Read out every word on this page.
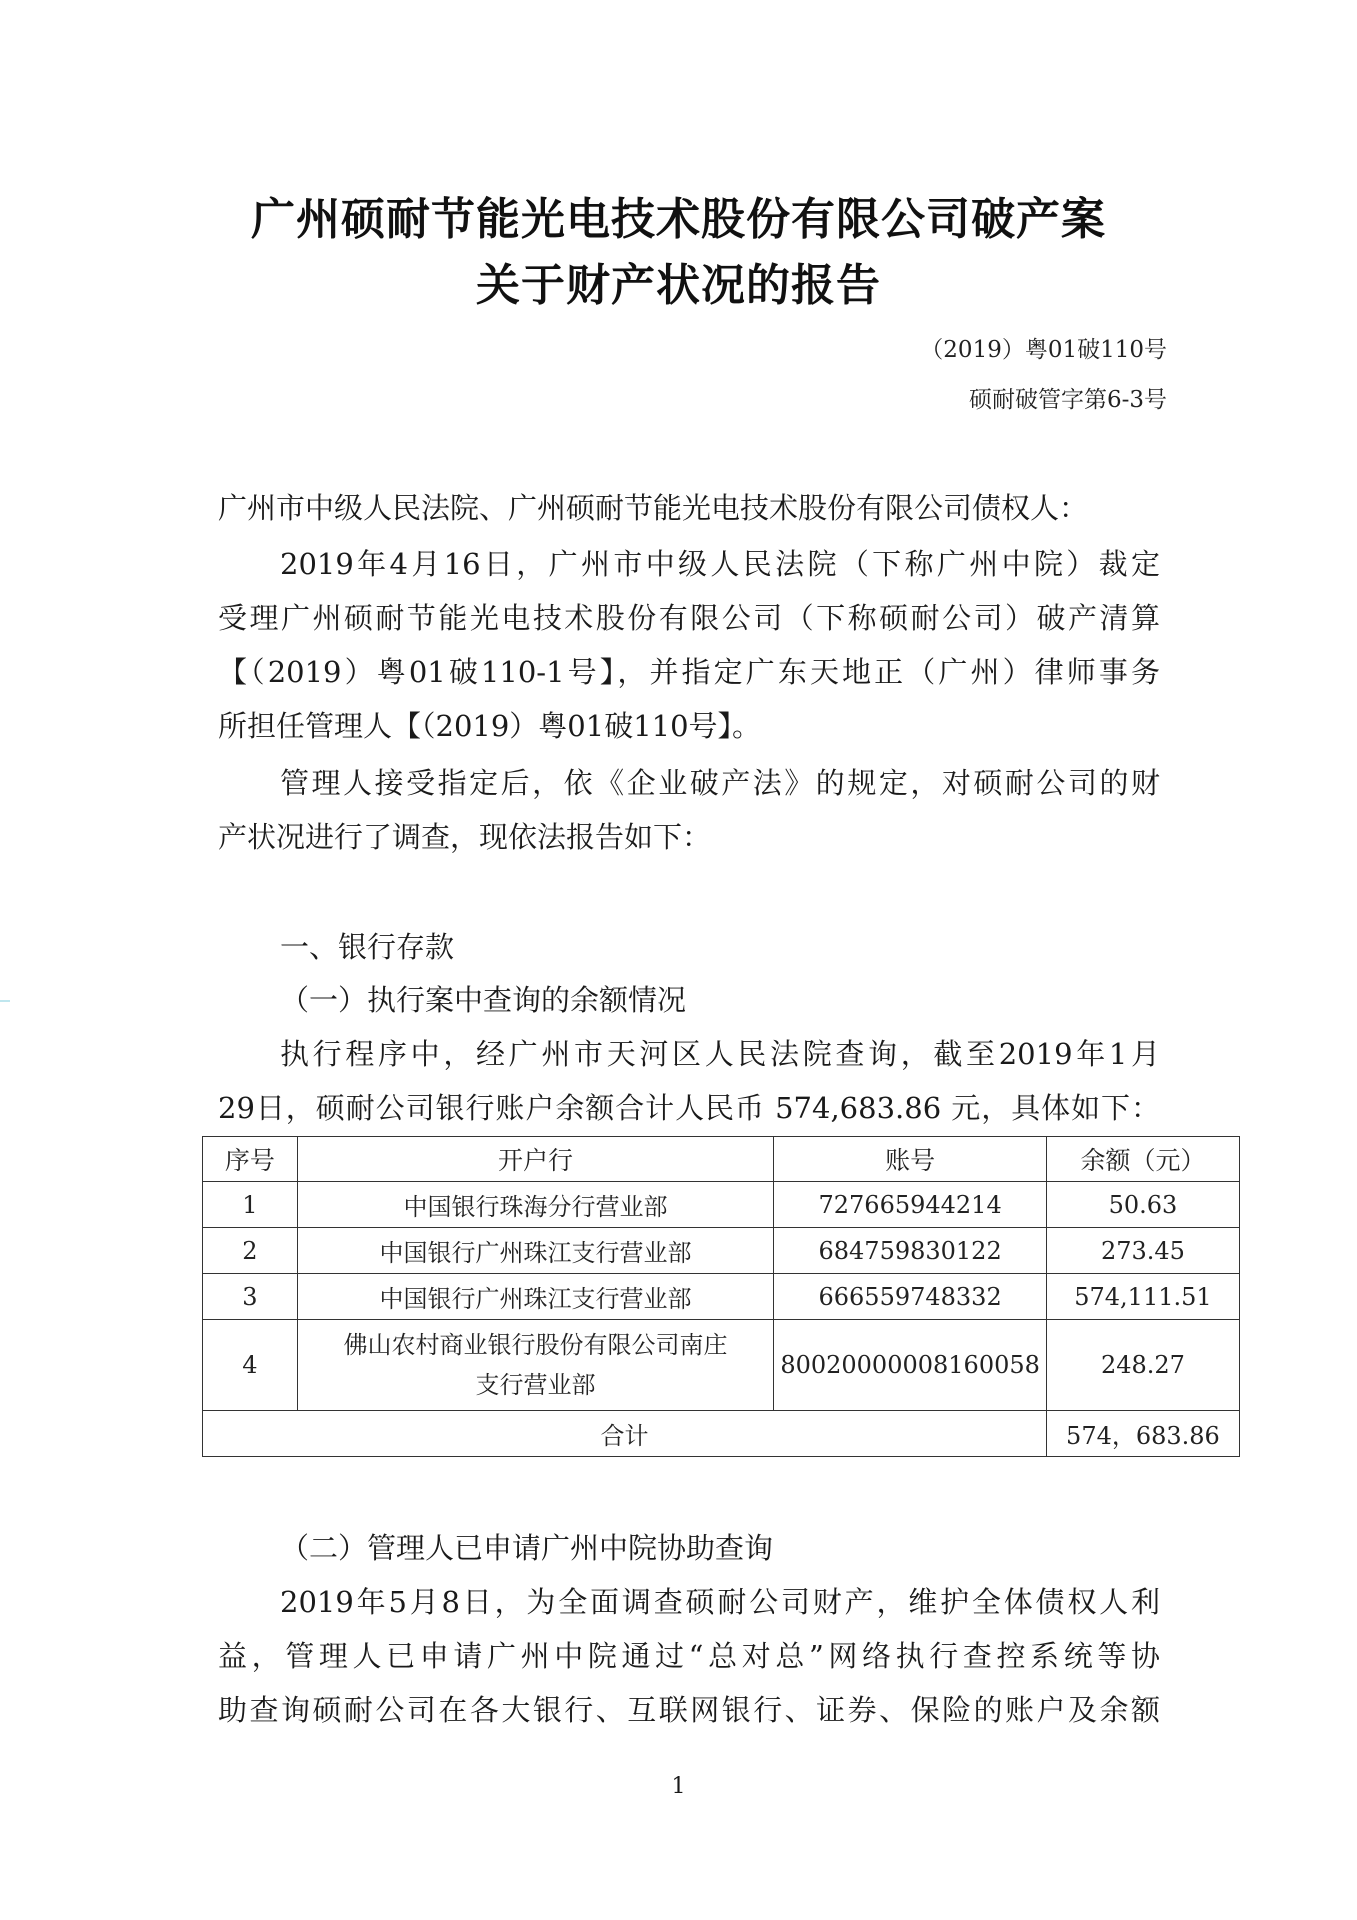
广州硕耐节能光电技术股份有限公司破产案
关于财产状况的报告

（2019）粤01破110号

硕耐破管字第6-3号

广州市中级人民法院、广州硕耐节能光电技术股份有限公司债权人：

2019年4月16日，广州市中级人民法院（下称广州中院）裁定

受理广州硕耐节能光电技术股份有限公司（下称硕耐公司）破产清算

【（2019）粤01破110-1号】，并指定广东天地正（广州）律师事务

所担任管理人【（2019）粤01破110号】。

管理人接受指定后，依《企业破产法》的规定，对硕耐公司的财

产状况进行了调查，现依法报告如下：

一、银行存款

（一）执行案中查询的余额情况

执行程序中，经广州市天河区人民法院查询，截至2019年1月

29日，硕耐公司银行账户余额合计人民币 574,683.86 元，具体如下：

序号	开户行	账号	余额（元）
1	中国银行珠海分行营业部	727665944214	50.63
2	中国银行广州珠江支行营业部	684759830122	273.45
3	中国银行广州珠江支行营业部	666559748332	574,111.51
4	佛山农村商业银行股份有限公司南庄
支行营业部	80020000008160058	248.27
合计			574，683.86

（二）管理人已申请广州中院协助查询

2019年5月8日，为全面调查硕耐公司财产，维护全体债权人利

益，管理人已申请广州中院通过“总对总”网络执行查控系统等协

助查询硕耐公司在各大银行、互联网银行、证券、保险的账户及余额

1
